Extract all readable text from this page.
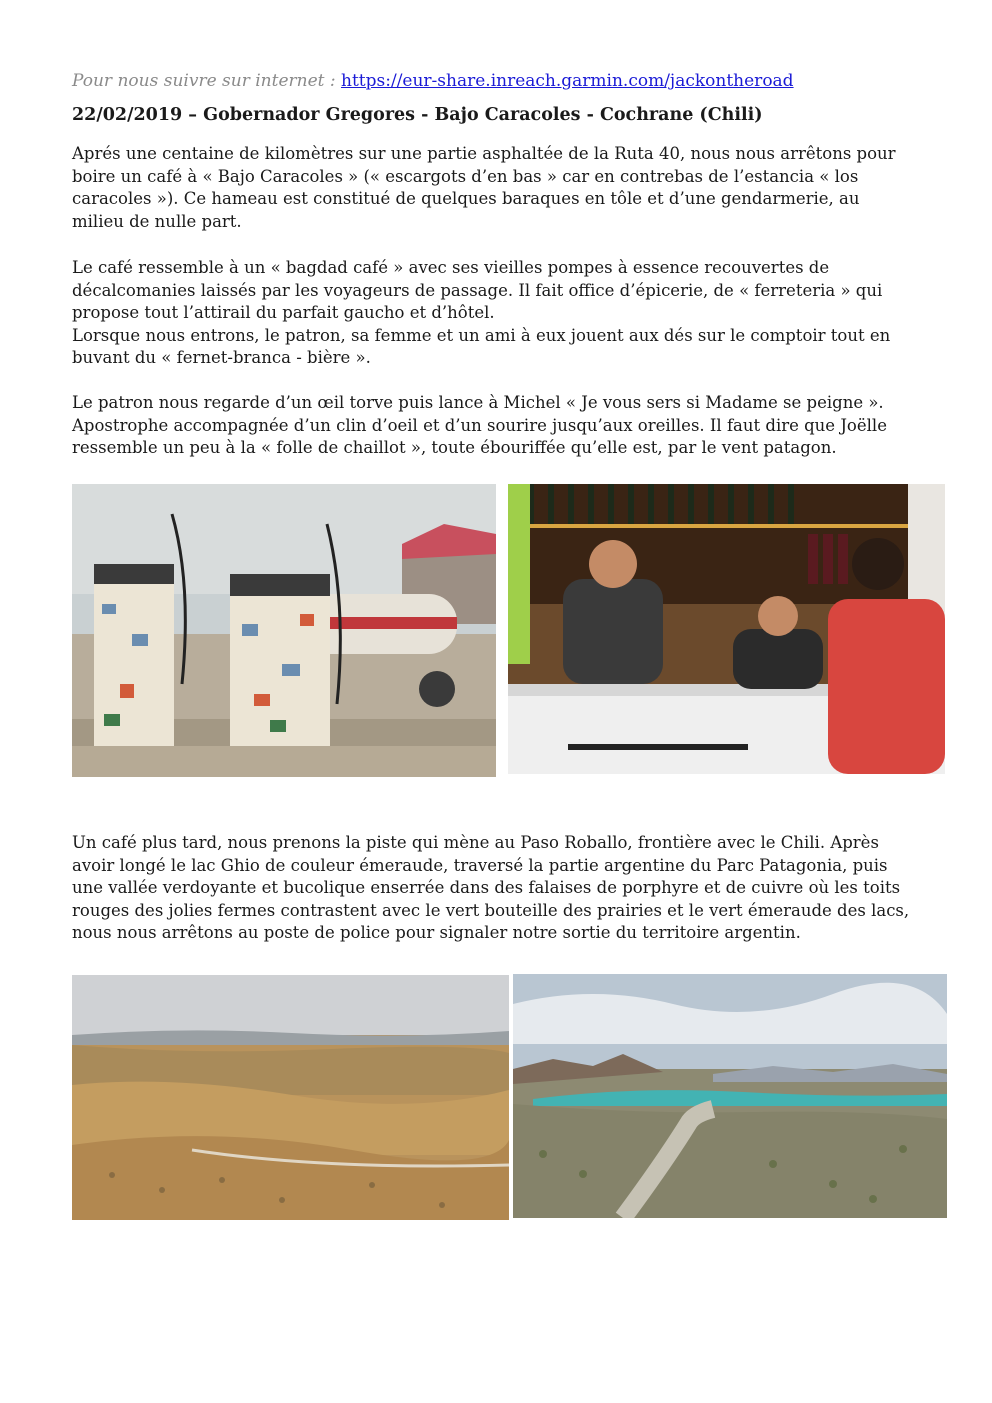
Pour nous suivre sur internet : https://eur-share.inreach.garmin.com/jackontheroad
22/02/2019 – Gobernador Gregores - Bajo Caracoles - Cochrane (Chili)

Aprés une centaine de kilomètres sur une partie asphaltée de la Ruta 40, nous nous arrêtons pour
boire un café à « Bajo Caracoles » (« escargots d’en bas » car en contrebas de l’estancia « los
caracoles »). Ce hameau est constitué de quelques baraques en tôle et d’une gendarmerie, au
milieu de nulle part.

Le café ressemble à un « bagdad café » avec ses vieilles pompes à essence recouvertes de
décalcomanies laissés par les voyageurs de passage. Il fait office d’épicerie, de « ferreteria » qui
propose tout l’attirail du parfait gaucho et d’hôtel.
Lorsque nous entrons, le patron, sa femme et un ami à eux jouent aux dés sur le comptoir tout en
buvant du « fernet-branca - bière ».

Le patron nous regarde d’un œil torve puis lance à Michel « Je vous sers si Madame se peigne ».
Apostrophe accompagnée d’un clin d’oeil et d’un sourire jusqu’aux oreilles. Il faut dire que Joëlle
ressemble un peu à la « folle de chaillot », toute ébouriffée qu’elle est, par le vent patagon.

Un café plus tard, nous prenons la piste qui mène au Paso Roballo, frontière avec le Chili. Après
avoir longé le lac Ghio de couleur émeraude, traversé la partie argentine du Parc Patagonia, puis
une vallée verdoyante et bucolique enserrée dans des falaises de porphyre et de cuivre où les toits
rouges des jolies fermes contrastent avec le vert bouteille des prairies et le vert émeraude des lacs,
nous nous arrêtons au poste de police pour signaler notre sortie du territoire argentin.
